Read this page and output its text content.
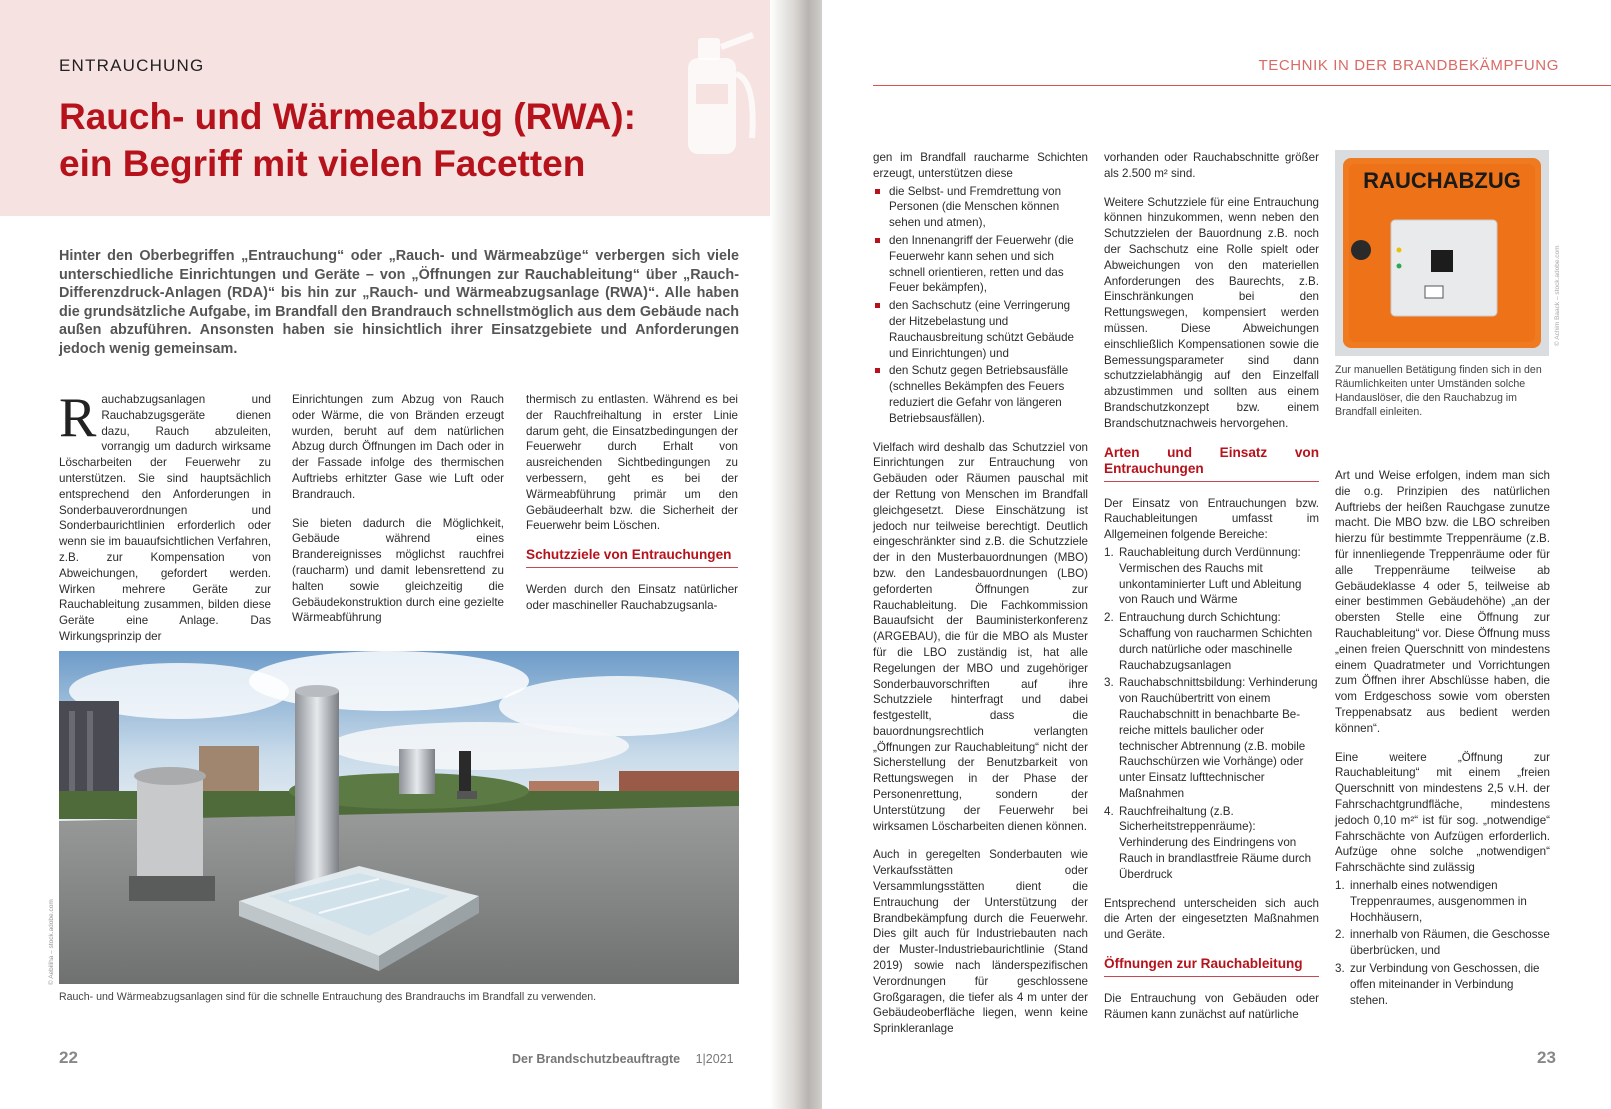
ENTRAUCHUNG
Rauch- und Wärmeabzug (RWA):
ein Begriff mit vielen Facetten

Hinter den Oberbegriffen „Entrauchung“ oder „Rauch- und Wärmeabzüge“ verbergen sich viele unterschiedliche Einrichtungen und Geräte – von „Öffnungen zur Rauchableitung“ über „Rauch-Differenzdruck-Anlagen (RDA)“ bis hin zur „Rauch- und Wärmeabzugsanlage (RWA)“. Alle haben die grundsätzliche Aufgabe, im Brandfall den Brandrauch schnellstmöglich aus dem Gebäude nach außen abzuführen. Ansonsten haben sie hinsichtlich ihrer Einsatzgebiete und Anforderungen jedoch wenig gemeinsam.

R auchabzugsanlagen und Rauchabzugsgeräte dienen dazu, Rauch abzuleiten, vorrangig um dadurch wirksame Löscharbeiten der Feuerwehr zu unterstützen. Sie sind hauptsächlich entsprechend den Anforderungen in Sonderbauverordnungen und Sonderbaurichtlinien erforderlich oder wenn sie im bauaufsichtlichen Verfahren, z.B. zur Kompensation von Abweichungen, gefordert werden. Wirken mehrere Geräte zur Rauchableitung zusammen, bilden diese Geräte eine Anlage. Das Wirkungsprinzip der

Einrichtungen zum Abzug von Rauch oder Wärme, die von Bränden erzeugt wurden, beruht auf dem natürlichen Abzug durch Öffnungen im Dach oder in der Fassade infolge des thermischen Auftriebs erhitzter Gase wie Luft oder Brandrauch.

Sie bieten dadurch die Möglichkeit, Gebäude während eines Brandereignisses möglichst rauchfrei (raucharm) und damit lebensrettend zu halten sowie gleichzeitig die Gebäudekonstruktion durch eine gezielte Wärmeabführung

thermisch zu entlasten. Während es bei der Rauchfreihaltung in erster Linie darum geht, die Einsatzbedingungen der Feuerwehr durch Erhalt von ausreichenden Sichtbedingungen zu verbessern, geht es bei der Wärmeabführung primär um den Gebäudeerhalt bzw. die Sicherheit der Feuerwehr beim Löschen.

Schutzziele von Entrauchungen

Werden durch den Einsatz natürlicher oder maschineller Rauchabzugsanla-

© Aebiliha – stock.adobe.com
Rauch- und Wärmeabzugsanlagen sind für die schnelle Entrauchung des Brandrauchs im Brandfall zu verwenden.
22	Der Brandschutzbeauftragte 1|2021
TECHNIK IN DER BRANDBEKÄMPFUNG

gen im Brandfall raucharme Schichten erzeugt, unterstützen diese

die Selbst- und Fremdrettung von Personen (die Menschen können sehen und atmen),
den Innenangriff der Feuerwehr (die Feuerwehr kann sehen und sich schnell orientieren, retten und das Feuer bekämpfen),
den Sachschutz (eine Verringerung der Hitzebelastung und Rauchausbreitung schützt Gebäude und Einrichtungen) und
den Schutz gegen Betriebsausfälle (schnelles Bekämpfen des Feuers reduziert die Gefahr von längeren Betriebsausfällen).

Vielfach wird deshalb das Schutzziel von Einrichtungen zur Entrauchung von Gebäuden oder Räumen pauschal mit der Rettung von Menschen im Brandfall gleichgesetzt. Diese Einschätzung ist jedoch nur teilweise berechtigt. Deutlich eingeschränkter sind z.B. die Schutzziele der in den Musterbauordnungen (MBO) bzw. den Landesbauordnungen (LBO) geforderten Öffnungen zur Rauchableitung. Die Fachkommission Bauaufsicht der Bauministerkonferenz (ARGEBAU), die für die MBO als Muster für die LBO zuständig ist, hat alle Regelungen der MBO und zugehöriger Sonderbauvorschriften auf ihre Schutzziele hinterfragt und dabei festgestellt, dass die bauordnungsrechtlich verlangten „Öffnungen zur Rauchableitung“ nicht der Sicherstellung der Benutzbarkeit von Rettungswegen in der Phase der Personenrettung, sondern der Unterstützung der Feuerwehr bei wirksamen Löscharbeiten dienen können.

Auch in geregelten Sonderbauten wie Verkaufsstätten oder Versammlungsstätten dient die Entrauchung der Unterstützung der Brandbekämpfung durch die Feuerwehr. Dies gilt auch für Industriebauten nach der Muster-Industriebaurichtlinie (Stand 2019) sowie nach länderspezifischen Verordnungen für geschlossene Großgaragen, die tiefer als 4 m unter der Gebäudeoberfläche liegen, wenn keine Sprinkleranlage

vorhanden oder Rauchabschnitte größer als 2.500 m² sind.

Weitere Schutzziele für eine Entrauchung können hinzukommen, wenn neben den Schutzzielen der Bauordnung z.B. noch der Sachschutz eine Rolle spielt oder Abweichungen von den materiellen Anforderungen des Baurechts, z.B. Einschränkungen bei den Rettungswegen, kompensiert werden müssen. Diese Abweichungen einschließlich Kompensationen sowie die Bemessungsparameter sind dann schutzzielabhängig auf den Einzelfall abzustimmen und sollten aus einem Brandschutzkonzept bzw. einem Brandschutznachweis hervorgehen.

Arten und Einsatz von Entrauchungen

Der Einsatz von Entrauchungen bzw. Rauchableitungen umfasst im Allgemeinen folgende Bereiche:

1. Rauchableitung durch Verdünnung: Vermischen des Rauchs mit unkontaminierter Luft und Ableitung von Rauch und Wärme
2. Entrauchung durch Schichtung: Schaffung von raucharmen Schichten durch natürliche oder maschinelle Rauchabzugsanlagen
3. Rauchabschnittsbildung: Verhinderung von Rauchübertritt von einem Rauchabschnitt in benachbarte Be- reiche mittels baulicher oder technischer Abtrennung (z.B. mobile Rauchschürzen wie Vorhänge) oder unter Einsatz lufttechnischer Maßnahmen
4. Rauchfreihaltung (z.B. Sicherheitstreppenräume): Verhinderung des Eindringens von Rauch in brandlastfreie Räume durch Überdruck

Entsprechend unterscheiden sich auch die Arten der eingesetzten Maßnahmen und Geräte.

Öffnungen zur Rauchableitung

Die Entrauchung von Gebäuden oder Räumen kann zunächst auf natürliche

RAUCHABZUG
© Achim Baack – stock.adobe.com
Zur manuellen Betätigung finden sich in den Räumlichkeiten unter Umständen solche Handauslöser, die den Rauchabzug im Brandfall einleiten.

Art und Weise erfolgen, indem man sich die o.g. Prinzipien des natürlichen Auftriebs der heißen Rauchgase zunutze macht. Die MBO bzw. die LBO schreiben hierzu für bestimmte Treppenräume (z.B. für innenliegende Treppenräume oder für alle Treppenräume teilweise ab Gebäudeklasse 4 oder 5, teilweise ab einer bestimmen Gebäudehöhe) „an der obersten Stelle eine Öffnung zur Rauchableitung“ vor. Diese Öffnung muss „einen freien Querschnitt von mindestens einem Quadratmeter und Vorrichtungen zum Öffnen ihrer Abschlüsse haben, die vom Erdgeschoss sowie vom obersten Treppenabsatz aus bedient werden können“.

Eine weitere „Öffnung zur Rauchableitung“ mit einem „freien Querschnitt von mindestens 2,5 v.H. der Fahrschachtgrundfläche, mindestens jedoch 0,10 m²“ ist für sog. „notwendige“ Fahrschächte von Aufzügen erforderlich. Aufzüge ohne solche „notwendigen“ Fahrschächte sind zulässig

1. innerhalb eines notwendigen Treppenraumes, ausgenommen in Hochhäusern,
2. innerhalb von Räumen, die Geschosse überbrücken, und
3. zur Verbindung von Geschossen, die offen miteinander in Verbindung stehen.
23
